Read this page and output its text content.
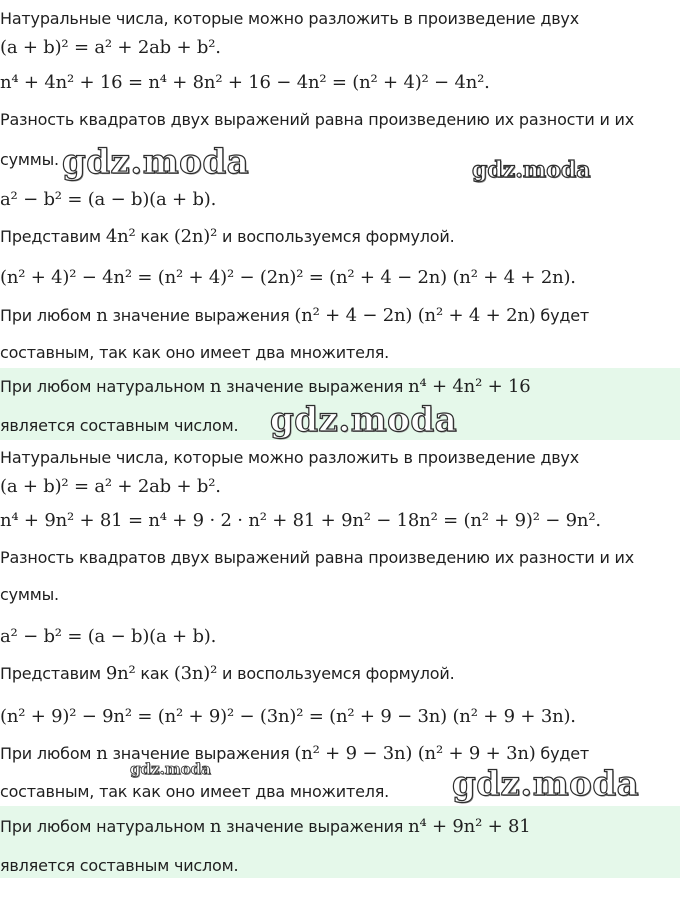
Натуральные числа, которые можно разложить в произведение двух
(a + b)² = a² + 2ab + b².
n⁴ + 4n² + 16 = n⁴ + 8n² + 16 − 4n² = (n² + 4)² − 4n².
Разность квадратов двух выражений равна произведению их разности и их
суммы.
a² − b² = (a − b)(a + b).
Представим 4n² как (2n)² и воспользуемся формулой.
(n² + 4)² − 4n² = (n² + 4)² − (2n)² = (n² + 4 − 2n) (n² + 4 + 2n).
При любом n значение выражения (n² + 4 − 2n) (n² + 4 + 2n) будет
составным, так как оно имеет два множителя.
При любом натуральном n значение выражения n⁴ + 4n² + 16
является составным числом.
Натуральные числа, которые можно разложить в произведение двух
(a + b)² = a² + 2ab + b².
n⁴ + 9n² + 81 = n⁴ + 9 · 2 · n² + 81 + 9n² − 18n² = (n² + 9)² − 9n².
Разность квадратов двух выражений равна произведению их разности и их
суммы.
a² − b² = (a − b)(a + b).
Представим 9n² как (3n)² и воспользуемся формулой.
(n² + 9)² − 9n² = (n² + 9)² − (3n)² = (n² + 9 − 3n) (n² + 9 + 3n).
При любом n значение выражения (n² + 9 − 3n) (n² + 9 + 3n) будет
составным, так как оно имеет два множителя.
При любом натуральном n значение выражения n⁴ + 9n² + 81
является составным числом.
gdz.moda	gdz.moda
gdz.moda
gdz.moda	gdz.moda
